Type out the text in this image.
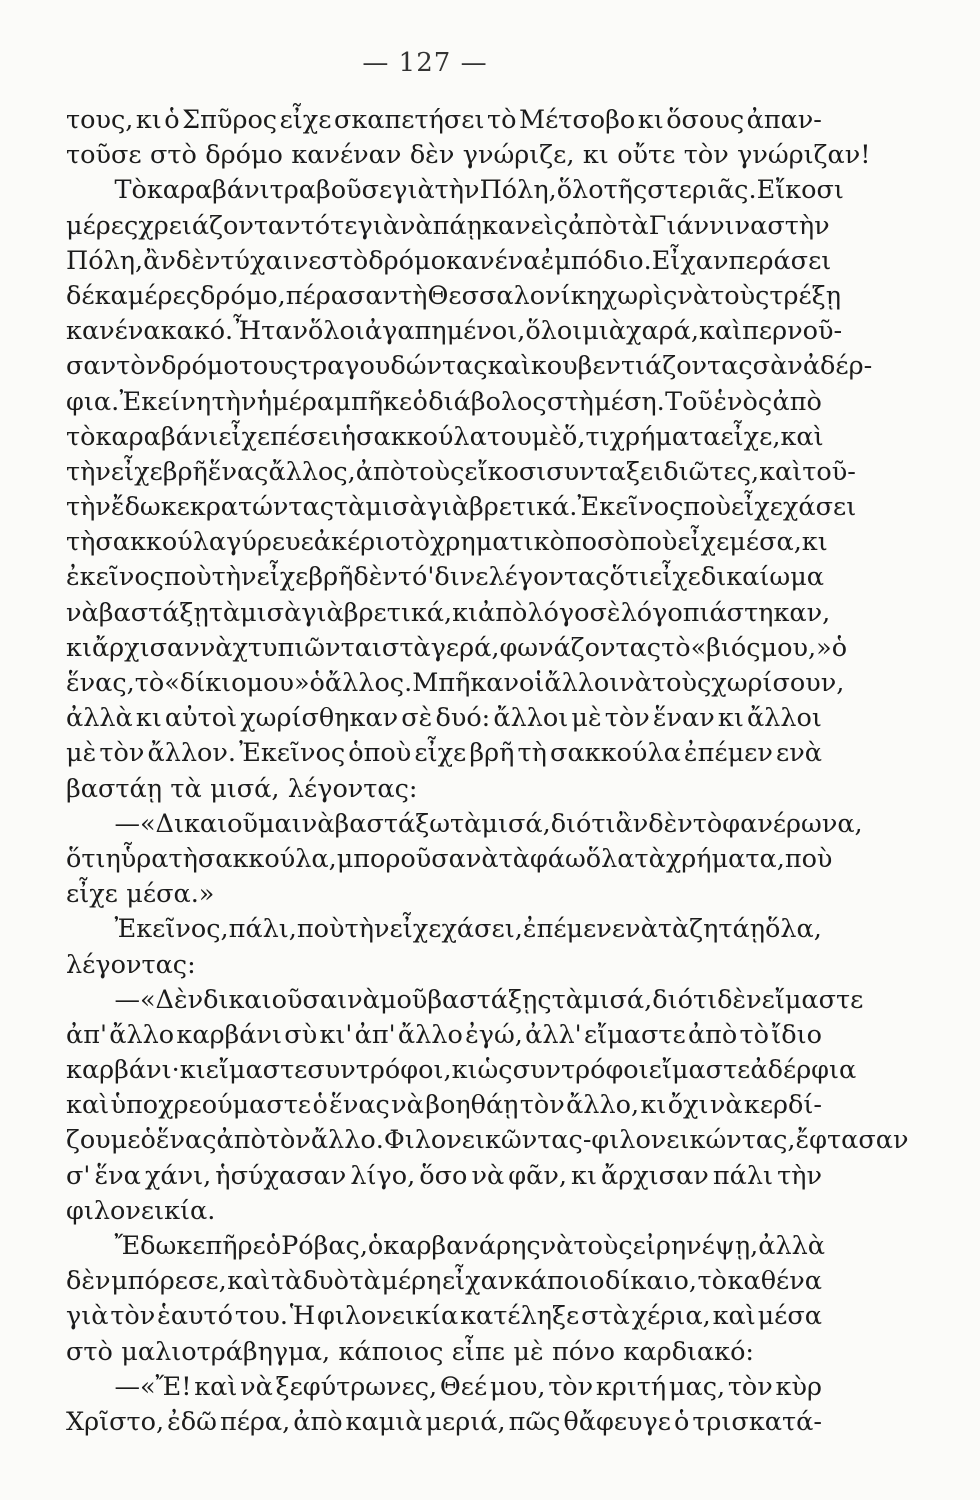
— 127 —
τους, κι ὁ Σπῦρος εἶχε σκαπετήσει τὸ Μέτσοβο κι ὅσους ἀπαν-
τοῦσε στὸ δρόμο κανέναν δὲν γνώριζε, κι οὔτε τὸν γνώριζαν!
Τὸ καραβάνι τραβοῦσε γιὰ τὴν Πόλη, ὅλο τῆς στεριᾶς. Εἴκοσι
μέρες χρειάζονταν τότε γιὰ νὰ πάῃ κανεὶς ἀπὸ τὰ Γιάννινα στὴν
Πόλη, ἂν δὲν τύχαινε στὸ δρόμο κανένα ἐμπόδιο. Εἶχαν περάσει
δέκα μέρες δρόμο, πέρασαν τὴ Θεσσαλονίκη χωρὶς νὰ τοὺς τρέξῃ
κανένα κακό. Ἦταν ὅλοι ἀγαπημένοι, ὅλοι μιὰ χαρά, καὶ περνοῦ-
σαν τὸν δρόμο τους τραγουδώντας καὶ κουβεντιάζοντας σὰν ἀδέρ-
φια. Ἐκείνη τὴν ἡμέρα μπῆκε ὁ διάβολος στὴ μέση. Τοῦ ἑνὸς ἀπὸ
τὸ καραβάνι εἶχε πέσει ἡ σακκούλα του μὲ ὅ,τι χρήματα εἶχε, καὶ
τὴν εἶχε βρῆ ἕνας ἄλλος, ἀπὸ τοὺς εἴκοσι συνταξειδιῶτες, καὶ τοῦ-
τὴν ἔδωκε κρατώντας τὰ μισὰ γιὰ βρετικά. Ἐκεῖνος ποὺ εἶχε χάσει
τὴ σακκούλα γύρευε ἀκέριο τὸ χρηματικὸ ποσὸ ποὺ εἶχε μέσα, κι
ἐκεῖνος ποὺ τὴν εἶχε βρῆ δὲν τό 'δινε λέγοντας ὅτι εἶχε δικαίωμα
νὰ βαστάξῃ τὰ μισὰ γιὰ βρετικά, κι ἀπὸ λόγο σὲ λόγο πιάστηκαν,
κι ἄρχισαν νὰ χτυπιῶνται στὰ γερά, φωνάζοντας τὸ «βιός μου,» ὁ
ἕνας, τὸ «δίκιο μου» ὁ ἄλλος. Μπῆκαν οἱ ἄλλοι νὰ τοὺς χωρίσουν,
ἀλλὰ κι αὐτοὶ χωρίσθηκαν σὲ δυό: ἄλλοι μὲ τὸν ἕναν κι ἄλλοι
μὲ τὸν ἄλλον. Ἐκεῖνος ὁποὺ εἶχε βρῆ τὴ σακκούλα ἐπέμεν ενὰ
βαστάῃ τὰ μισά, λέγοντας:
—«Δικαιοῦμαι νὰ βαστάξω τὰ μισά, διότι ἂν δὲν τὸ φανέρωνα,
ὅτι ηὗρα τὴ σακκούλα, μποροῦσα νὰ τὰ φάω ὅλα τὰ χρήματα, ποὺ
εἶχε μέσα.»
Ἐκεῖνος, πάλι, ποὺ τὴν εἶχε χάσει, ἐπέμενε νὰ τὰ ζητάῃ ὅλα,
λέγοντας:
—«Δὲν δικαιοῦσαι νὰ μοῦ βαστάξῃς τὰ μισά, διότι δὲν εἴμαστε
ἀπ' ἄλλο καρβάνι σὺ κι' ἀπ' ἄλλο ἐγώ, ἀλλ' εἴμαστε ἀπὸ τὸ ἴδιο
καρβάνι· κι εἴμαστε συντρόφοι, κι ὡς συντρόφοι εἴμαστε ἀδέρφια
καὶ ὑποχρεούμαστε ὁ ἕνας νὰ βοηθάῃ τὸν ἄλλο, κι ὄχι νὰ κερδί-
ζουμε ὁ ἕνας ἀπὸ τὸν ἄλλο. Φιλονεικῶντας-φιλονεικώντας, ἔφτασαν
σ' ἕνα χάνι, ἡσύχασαν λίγο, ὅσο νὰ φᾶν, κι ἄρχισαν πάλι τὴν
φιλονεικία.
Ἔδωκε πῆρε ὁ Ρόβας, ὁ καρβανάρης νὰ τοὺς εἰρηνέψῃ, ἀλλὰ
δὲν μπόρεσε, καὶ τὰ δυὸ τὰ μέρη εἶχαν κάποιο δίκαιο, τὸ καθένα
γιὰ τὸν ἑαυτό του. Ἡ φιλονεικία κατέληξε στὰ χέρια, καὶ μέσα
στὸ μαλιοτράβηγμα, κάποιος εἶπε μὲ πόνο καρδιακό:
—«Ἔ! καὶ νὰ ξεφύτρωνες, Θεέ μου, τὸν κριτή μας, τὸν κὺρ
Χρῖστο, ἐδῶ πέρα, ἀπὸ καμιὰ μεριά, πῶς θἄφευγε ὁ τρισκατά-
